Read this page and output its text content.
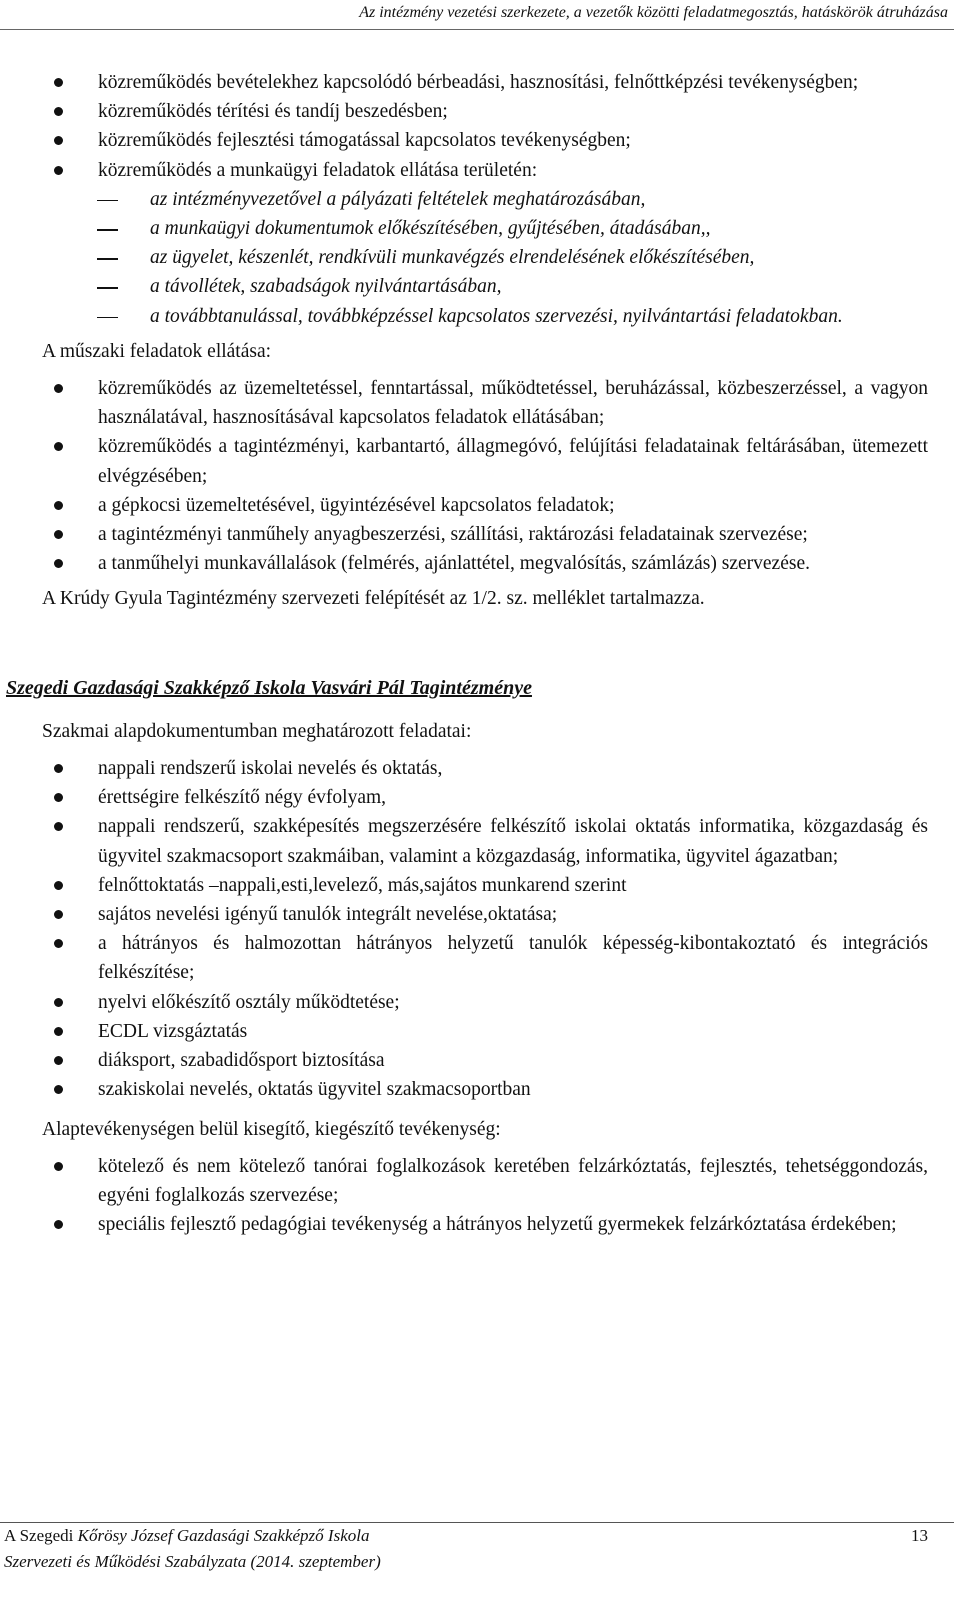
Az intézmény vezetési szerkezete, a vezetők közötti feladatmegosztás, hatáskörök átruházása
közreműködés bevételekhez kapcsolódó bérbeadási, hasznosítási, felnőttképzési tevékenységben;
közreműködés térítési és tandíj beszedésben;
közreműködés fejlesztési támogatással kapcsolatos tevékenységben;
közreműködés a munkaügyi feladatok ellátása területén:
az intézményvezetővel a pályázati feltételek meghatározásában,
a munkaügyi dokumentumok előkészítésében, gyűjtésében, átadásában,,
az ügyelet, készenlét, rendkívüli munkavégzés elrendelésének előkészítésében,
a távollétek, szabadságok nyilvántartásában,
a továbbtanulással, továbbképzéssel kapcsolatos szervezési, nyilvántartási feladatokban.

A műszaki feladatok ellátása:

közreműködés az üzemeltetéssel, fenntartással, működtetéssel, beruházással, közbeszerzéssel, a vagyon használatával, hasznosításával kapcsolatos feladatok ellátásában;
közreműködés a tagintézményi, karbantartó, állagmegóvó, felújítási feladatainak feltárásában, ütemezett elvégzésében;
a gépkocsi üzemeltetésével, ügyintézésével kapcsolatos feladatok;
a tagintézményi tanműhely anyagbeszerzési, szállítási, raktározási feladatainak szervezése;
a tanműhelyi munkavállalások (felmérés, ajánlattétel, megvalósítás, számlázás) szervezése.

A Krúdy Gyula Tagintézmény szervezeti felépítését az 1/2. sz. melléklet tartalmazza.

Szegedi Gazdasági Szakképző Iskola Vasvári Pál Tagintézménye

Szakmai alapdokumentumban meghatározott feladatai:

nappali rendszerű iskolai nevelés és oktatás,
érettségire felkészítő négy évfolyam,
nappali rendszerű, szakképesítés megszerzésére felkészítő iskolai oktatás informatika, közgazdaság és ügyvitel szakmacsoport szakmáiban, valamint a közgazdaság, informatika, ügyvitel ágazatban;
felnőttoktatás –nappali,esti,levelező, más,sajátos munkarend szerint
sajátos nevelési igényű tanulók integrált nevelése,oktatása;
a hátrányos és halmozottan hátrányos helyzetű tanulók képesség-kibontakoztató és integrációs felkészítése;
nyelvi előkészítő osztály működtetése;
ECDL vizsgáztatás
diáksport, szabadidősport biztosítása
szakiskolai nevelés, oktatás ügyvitel szakmacsoportban

Alaptevékenységen belül kisegítő, kiegészítő tevékenység:

kötelező és nem kötelező tanórai foglalkozások keretében felzárkóztatás, fejlesztés, tehetséggondozás, egyéni foglalkozás szervezése;
speciális fejlesztő pedagógiai tevékenység a hátrányos helyzetű gyermekek felzárkóztatása érdekében;
A Szegedi Kőrösy József Gazdasági Szakképző Iskola	13
Szervezeti és Működési Szabályzata (2014. szeptember)
